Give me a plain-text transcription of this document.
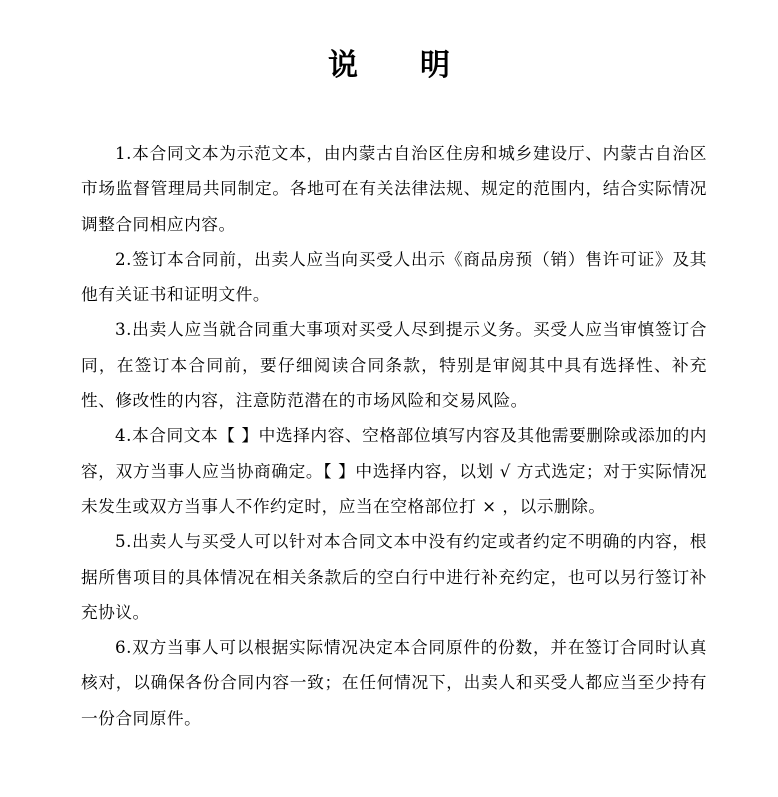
说明

1.本合同文本为示范文本，由内蒙古自治区住房和城乡建设厅、内蒙古自治区市场监督管理局共同制定。各地可在有关法律法规、规定的范围内，结合实际情况调整合同相应内容。

2.签订本合同前，出卖人应当向买受人出示《商品房预（销）售许可证》及其他有关证书和证明文件。

3.出卖人应当就合同重大事项对买受人尽到提示义务。买受人应当审慎签订合同，在签订本合同前，要仔细阅读合同条款，特别是审阅其中具有选择性、补充性、修改性的内容，注意防范潜在的市场风险和交易风险。

4.本合同文本【 】中选择内容、空格部位填写内容及其他需要删除或添加的内容，双方当事人应当协商确定。【 】中选择内容，以划 √ 方式选定；对于实际情况未发生或双方当事人不作约定时，应当在空格部位打 × ，以示删除。

5.出卖人与买受人可以针对本合同文本中没有约定或者约定不明确的内容，根据所售项目的具体情况在相关条款后的空白行中进行补充约定，也可以另行签订补充协议。

6.双方当事人可以根据实际情况决定本合同原件的份数，并在签订合同时认真核对，以确保各份合同内容一致；在任何情况下，出卖人和买受人都应当至少持有一份合同原件。
